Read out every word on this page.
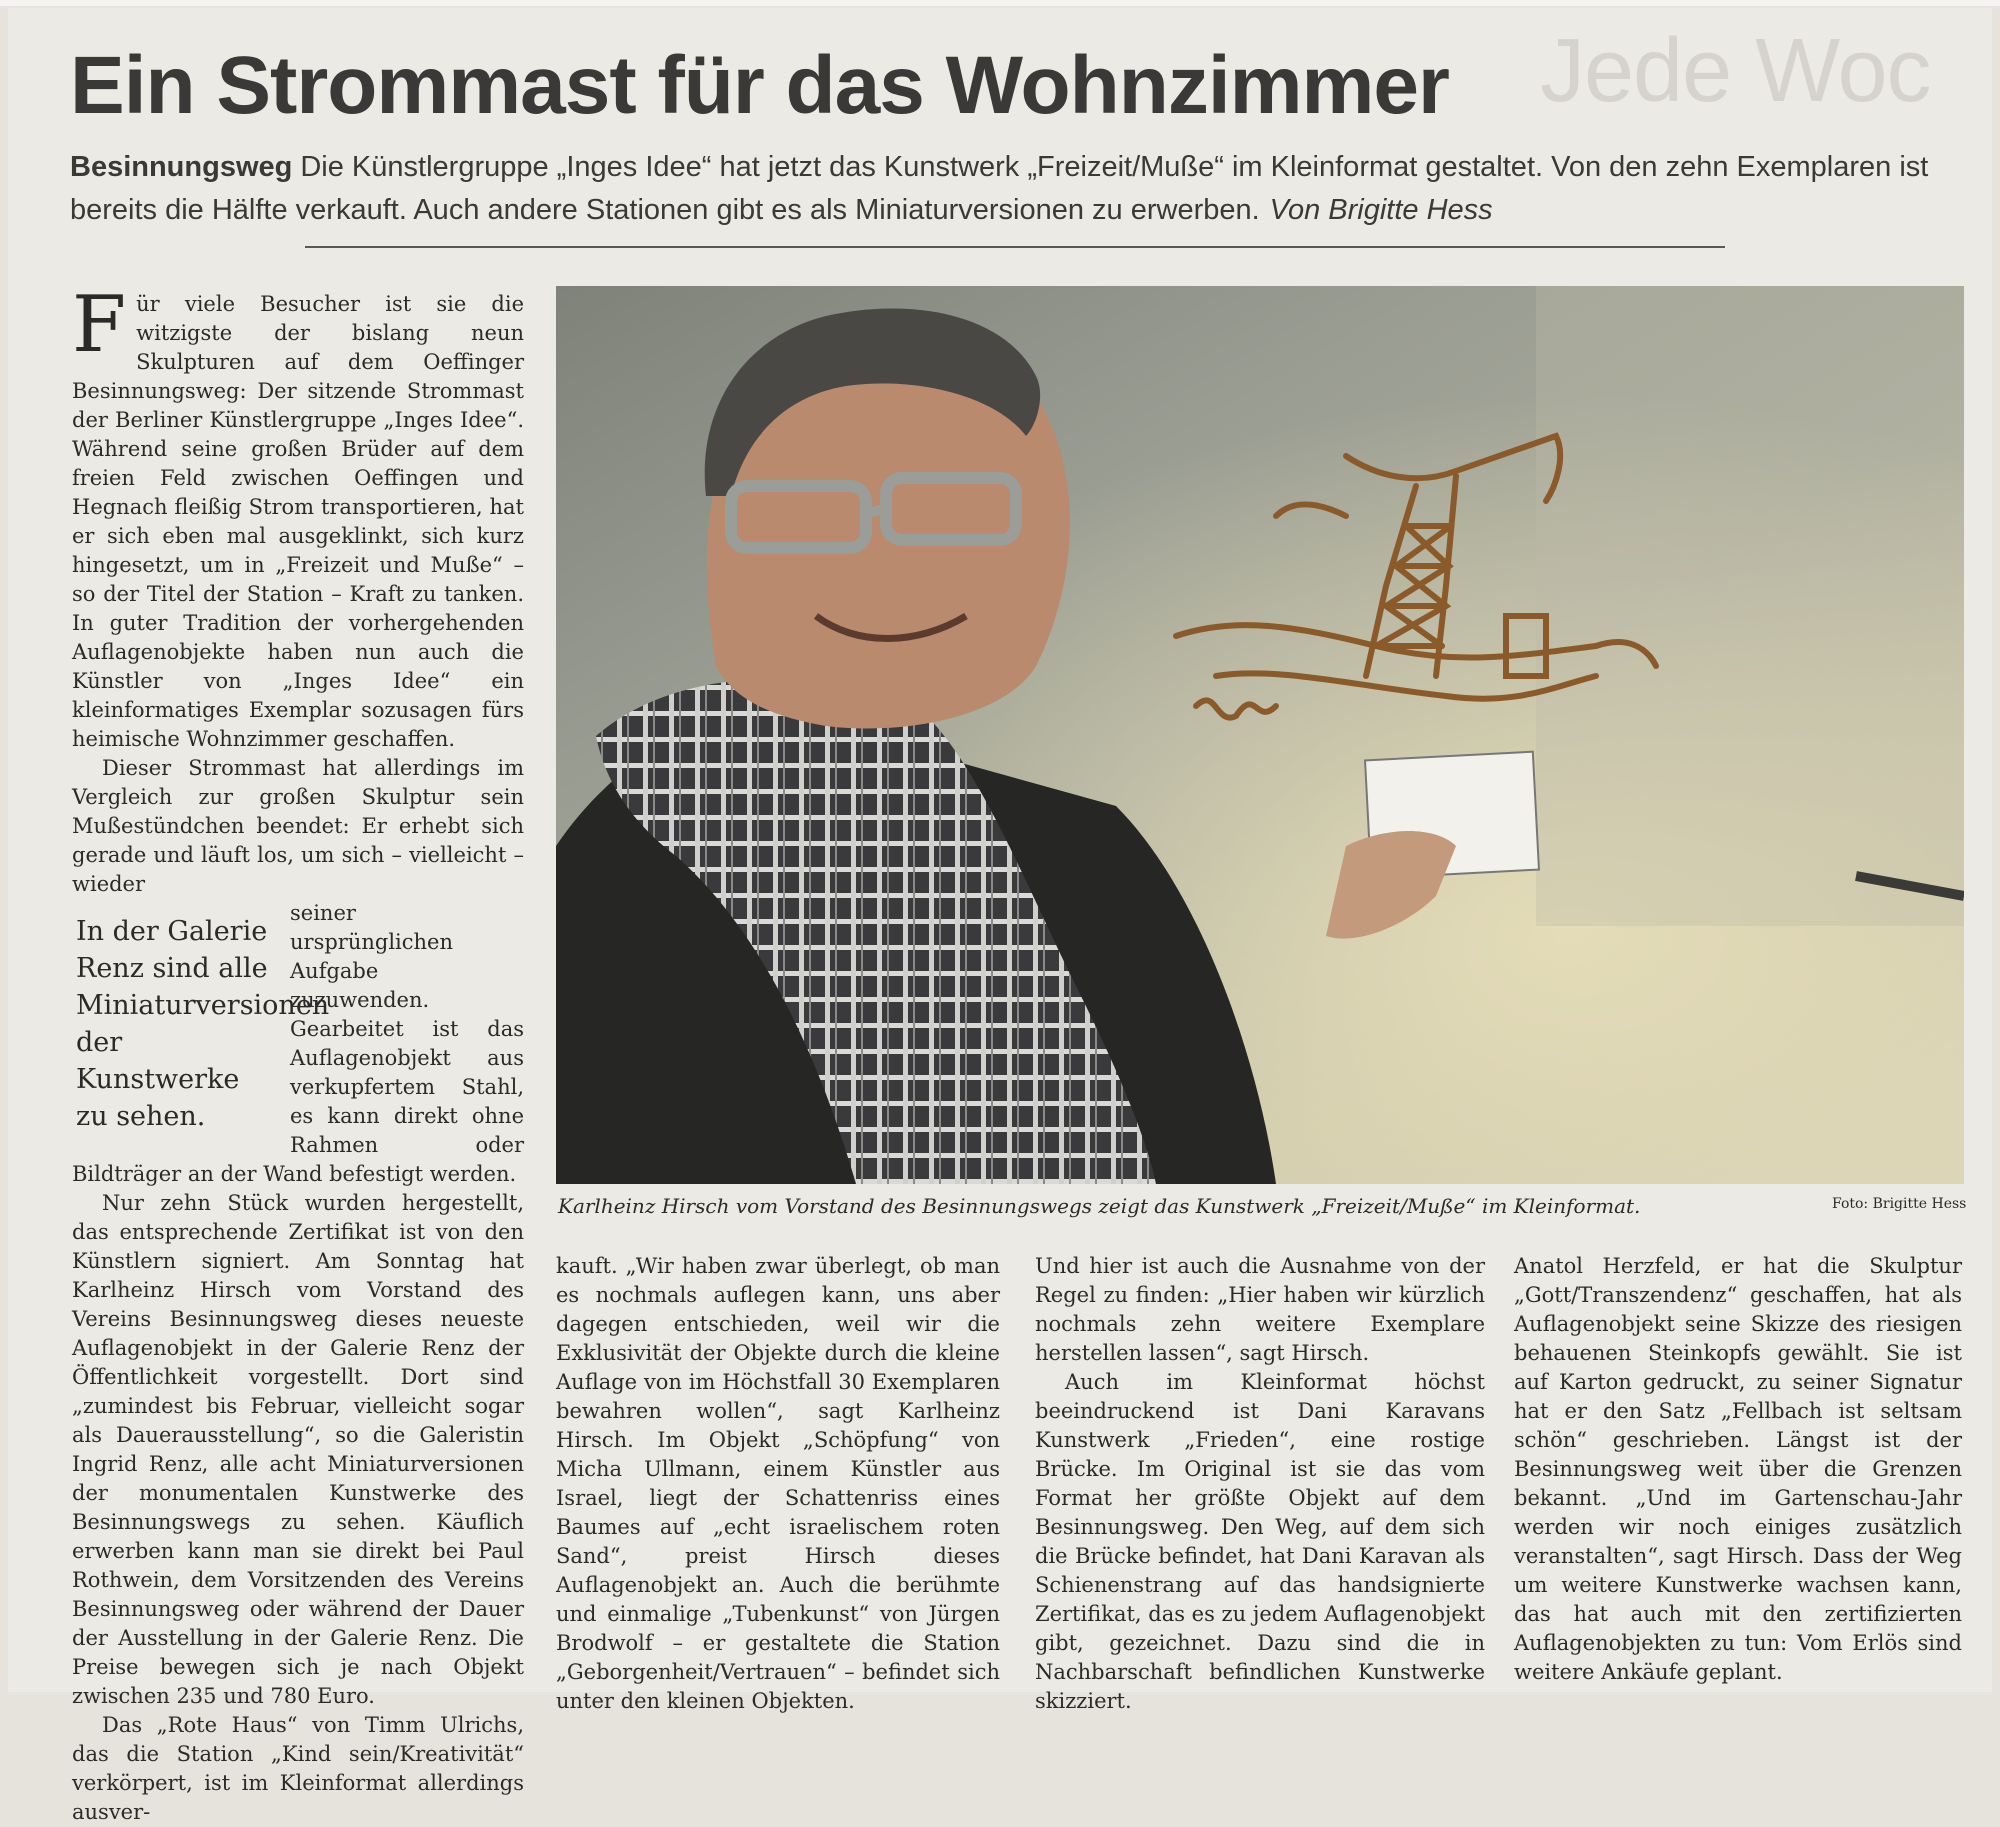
Jede Woc
Ein Strommast für das Wohnzimmer
Besinnungsweg Die Künstlergruppe „Inges Idee“ hat jetzt das Kunstwerk „Freizeit/Muße“ im Kleinformat gestaltet. Von den zehn Exemplaren ist bereits die Hälfte verkauft. Auch andere Stationen gibt es als Miniaturversionen zu erwerben. Von Brigitte Hess

Für viele Besucher ist sie die witzigste der bislang neun Skulpturen auf dem Oeffinger Besinnungsweg: Der sitzende Strommast der Berliner Künstlergruppe „Inges Idee“. Während seine großen Brüder auf dem freien Feld zwischen Oeffingen und Hegnach fleißig Strom transportieren, hat er sich eben mal ausgeklinkt, sich kurz hingesetzt, um in „Freizeit und Muße“ – so der Titel der Station – Kraft zu tanken. In guter Tradition der vorhergehenden Auflagenobjekte haben nun auch die Künstler von „Inges Idee“ ein kleinformatiges Exemplar sozusagen fürs heimische Wohnzimmer geschaffen.

Dieser Strommast hat allerdings im Vergleich zur großen Skulptur sein Mußestündchen beendet: Er erhebt sich gerade und läuft los, um sich – vielleicht – wieder

In der Galerie Renz sind alle Miniaturversionen der Kunstwerke zu sehen.
seiner ursprünglichen Aufgabe zuzuwenden. Gearbeitet ist das Auflagenobjekt aus verkupfertem Stahl, es kann direkt ohne Rahmen oder Bildträger an der Wand befestigt werden.

Nur zehn Stück wurden hergestellt, das entsprechende Zertifikat ist von den Künstlern signiert. Am Sonntag hat Karlheinz Hirsch vom Vorstand des Vereins Besinnungsweg dieses neueste Auflagenobjekt in der Galerie Renz der Öffentlichkeit vorgestellt. Dort sind „zumindest bis Februar, vielleicht sogar als Dauerausstellung“, so die Galeristin Ingrid Renz, alle acht Miniaturversionen der monumentalen Kunstwerke des Besinnungswegs zu sehen. Käuflich erwerben kann man sie direkt bei Paul Rothwein, dem Vorsitzenden des Vereins Besinnungsweg oder während der Dauer der Ausstellung in der Galerie Renz. Die Preise bewegen sich je nach Objekt zwischen 235 und 780 Euro.

Das „Rote Haus“ von Timm Ulrichs, das die Station „Kind sein/Kreativität“ verkörpert, ist im Kleinformat allerdings ausver-

Karlheinz Hirsch vom Vorstand des Besinnungswegs zeigt das Kunstwerk „Freizeit/Muße“ im Kleinformat.	Foto: Brigitte Hess

kauft. „Wir haben zwar überlegt, ob man es nochmals auflegen kann, uns aber dagegen entschieden, weil wir die Exklusivität der Objekte durch die kleine Auflage von im Höchstfall 30 Exemplaren bewahren wollen“, sagt Karlheinz Hirsch. Im Objekt „Schöpfung“ von Micha Ullmann, einem Künstler aus Israel, liegt der Schattenriss eines Baumes auf „echt israelischem roten Sand“, preist Hirsch dieses Auflagenobjekt an. Auch die berühmte und einmalige „Tubenkunst“ von Jürgen Brodwolf – er gestaltete die Station „Geborgenheit/Vertrauen“ – befindet sich unter den kleinen Objekten.

Und hier ist auch die Ausnahme von der Regel zu finden: „Hier haben wir kürzlich nochmals zehn weitere Exemplare herstellen lassen“, sagt Hirsch.

Auch im Kleinformat höchst beeindruckend ist Dani Karavans Kunstwerk „Frieden“, eine rostige Brücke. Im Original ist sie das vom Format her größte Objekt auf dem Besinnungsweg. Den Weg, auf dem sich die Brücke befindet, hat Dani Karavan als Schienenstrang auf das handsignierte Zertifikat, das es zu jedem Auflagenobjekt gibt, gezeichnet. Dazu sind die in Nachbarschaft befindlichen Kunstwerke skizziert.

Anatol Herzfeld, er hat die Skulptur „Gott/Transzendenz“ geschaffen, hat als Auflagenobjekt seine Skizze des riesigen behauenen Steinkopfs gewählt. Sie ist auf Karton gedruckt, zu seiner Signatur hat er den Satz „Fellbach ist seltsam schön“ geschrieben. Längst ist der Besinnungsweg weit über die Grenzen bekannt. „Und im Gartenschau-Jahr werden wir noch einiges zusätzlich veranstalten“, sagt Hirsch. Dass der Weg um weitere Kunstwerke wachsen kann, das hat auch mit den zertifizierten Auflagenobjekten zu tun: Vom Erlös sind weitere Ankäufe geplant.
